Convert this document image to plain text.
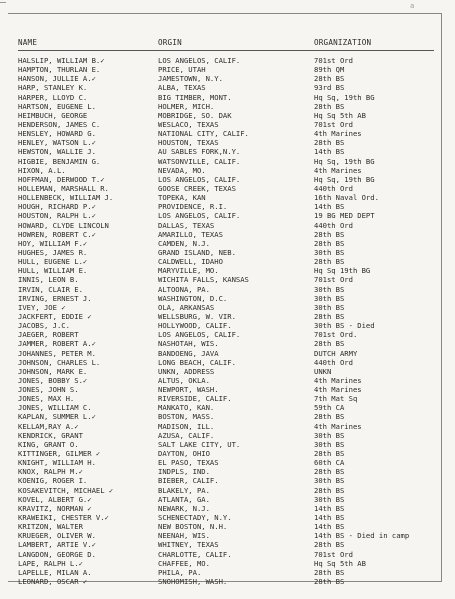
a
NAME	ORGIN	ORGANIZATION
HALSLIP, WILLIAM B.✓	LOS ANGELOS, CALIF.	701st Ord
HAMPTON, THURLAN E.	PRICE, UTAH	89th QM
HANSON, JULLIE A.✓	JAMESTOWN, N.Y.	28th BS
HARP, STANLEY K.	ALBA, TEXAS	93rd BS
HARPER, LLOYD C.	BIG TIMBER, MONT.	Hq Sq, 19th BG
HARTSON, EUGENE L.	HOLMER, MICH.	28th BS
HEIMBUCH, GEORGE	MOBRIDGE, SO. DAK	Hq Sq 5th AB
HENDERSON, JAMES C.	WESLACO, TEXAS	701st Ord
HENSLEY, HOWARD G.	NATIONAL CITY, CALIF.	4th Marines
HENLEY, WATSON L.✓	HOUSTON, TEXAS	28th BS
HEWSTON, WALLIE J.	AU SABLES FORK,N.Y.	14th BS
HIGBIE, BENJAMIN G.	WATSONVILLE, CALIF.	Hq Sq, 19th BG
HIXON, A.L.	NEVADA, MO.	4th Marines
HOFFMAN, DERWOOD T.✓	LOS ANGELOS, CALIF.	Hq Sq, 19th BG
HOLLEMAN, MARSHALL R.	GOOSE CREEK, TEXAS	440th Ord
HOLLENBECK, WILLIAM J.	TOPEKA, KAN	16th Naval Ord.
HOUGH, RICHARD P.✓	PROVIDENCE, R.I.	14th BS
HOUSTON, RALPH L.✓	LOS ANGELOS, CALIF.	19 BG MED DEPT
HOWARD, CLYDE LINCOLN	DALLAS, TEXAS	440th Ord
HOWREN, ROBERT C.✓	AMARILLO, TEXAS	28th BS
HOY, WILLIAM F.✓	CAMDEN, N.J.	28th BS
HUGHES, JAMES R.	GRAND ISLAND, NEB.	30th BS
HULL, EUGENE L.✓	CALDWELL, IDAHO	28th BS
HULL, WILLIAM E.	MARYVILLE, MO.	Hq Sq 19th BG
INNIS, LEON B.	WICHITA FALLS, KANSAS	701st Ord
IRVIN, CLAIR E.	ALTOONA, PA.	30th BS
IRVING, ERNEST J.	WASHINGTON, D.C.	30th BS
IVEY, JOE ✓	OLA, ARKANSAS	30th BS
JACKFERT, EDDIE ✓	WELLSBURG, W. VIR.	28th BS
JACOBS, J.C.	HOLLYWOOD, CALIF.	30th BS - Died
JAEGER, ROBERT	LOS ANGELOS, CALIF.	701st Ord.
JAMMER, ROBERT A.✓	NASHOTAH, WIS.	28th BS
JOHANNES, PETER M.	BANDOENG, JAVA	DUTCH ARMY
JOHNSON, CHARLES L.	LONG BEACH, CALIF.	440th Ord
JOHNSON, MARK E.	UNKN, ADDRESS	UNKN
JONES, BOBBY S.✓	ALTUS, OKLA.	4th Marines
JONES, JOHN S.	NEWPORT, WASH.	4th Marines
JONES, MAX H.	RIVERSIDE, CALIF.	7th Mat Sq
JONES, WILLIAM C.	MANKATO, KAN.	59th CA
KAPLAN, SUMMER L.✓	BOSTON, MASS.	28th BS
KELLAM,RAY A.✓	MADISON, ILL.	4th Marines
KENDRICK, GRANT	AZUSA, CALIF.	30th BS
KING, GRANT O.	SALT LAKE CITY, UT.	30th BS
KITTINGER, GILMER ✓	DAYTON, OHIO	28th BS
KNIGHT, WILLIAM H.	EL PASO, TEXAS	60th CA
KNOX, RALPH M.✓	INDPLS, IND.	28th BS
KOENIG, ROGER I.	BIEBER, CALIF.	30th BS
KOSAKEVITCH, MICHAEL ✓	BLAKELY, PA.	28th BS
KOVEL, ALBERT G.✓	ATLANTA, GA.	30th BS
KRAVITZ, NORMAN ✓	NEWARK, N.J.	14th BS
KRAWEIKI, CHESTER V.✓	SCHENECTADY, N.Y.	14th BS
KRITZON, WALTER	NEW BOSTON, N.H.	14th BS
KRUEGER, OLIVER W.	NEENAH, WIS.	14th BS - Died in camp
LAMBERT, ARTIE V.✓	WHITNEY, TEXAS	28th BS
LANGDON, GEORGE D.	CHARLOTTE, CALIF.	701st Ord
LAPE, RALPH L.✓	CHAFFEE, MO.	Hq Sq 5th AB
LAPELLE, MILAN A.	PHILA, PA.	28th BS
LEONARD, OSCAR ✓	SNOHOMISH, WASH.	28th BS
